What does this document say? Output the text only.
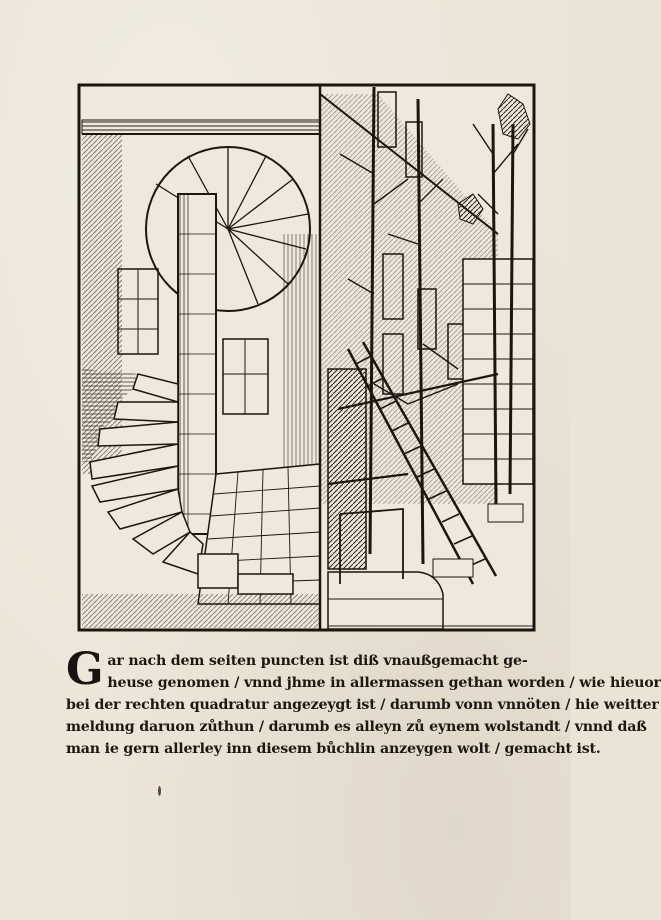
G ar nach dem seiten puncten ist diß vnaußgemacht ge-
heuse genomen / vnnd jhme in allermassen gethan worden / wie hieuor
bei der rechten quadratur angezeygt ist / darumb vonn vnnöten / hie weitter
meldung daruon zůthun / darumb es alleyn zů eynem wolstandt / vnnd daß
man ie gern allerley inn diesem bůchlin anzeygen wolt / gemacht ist.
